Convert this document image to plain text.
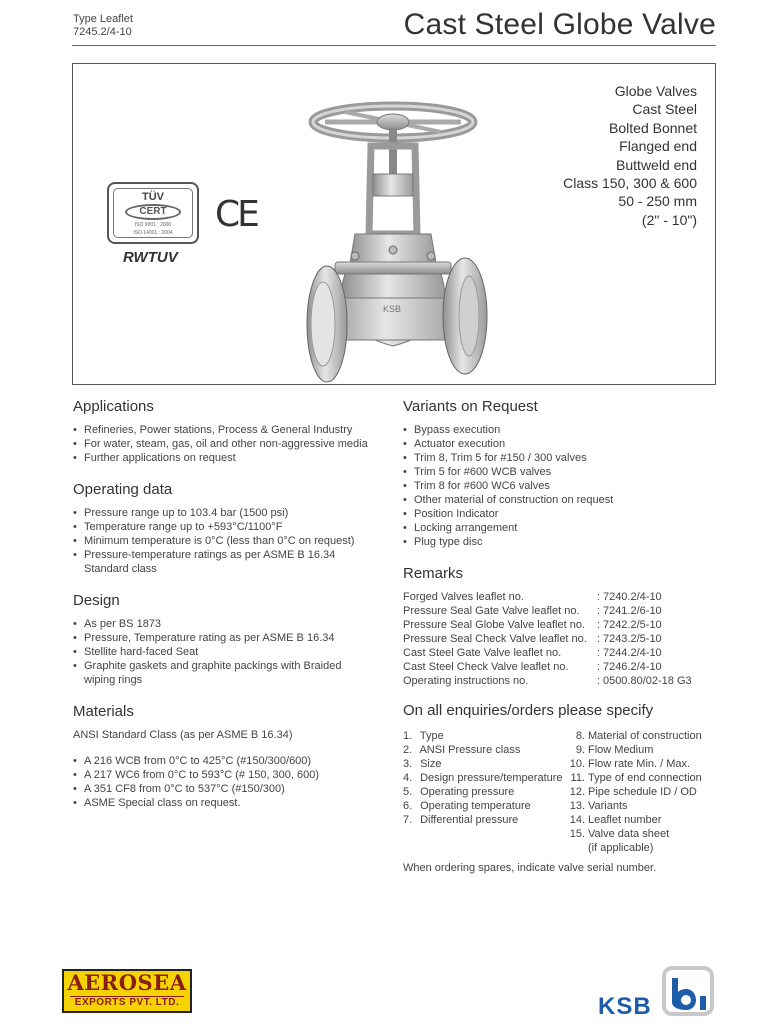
Type Leaflet
7245.2/4-10	Cast Steel Globe Valve
TÜV
CERT
ISO 9001 : 2000
ISO 14001 : 2004
RWTUV
CE
KSB
Globe Valves
Cast Steel
Bolted Bonnet
Flanged end
Buttweld end
Class 150, 300 & 600
50 - 250 mm
(2" - 10")
Applications
• Refineries, Power stations, Process & General Industry
• For water, steam, gas, oil and other non-aggressive media
• Further applications on request
Operating data
• Pressure range up to 103.4 bar (1500 psi)
• Temperature range up to +593°C/1100°F
• Minimum temperature is 0°C (less than 0°C on request)
• Pressure-temperature ratings as per ASME B 16.34 Standard class
Design
• As per BS 1873
• Pressure, Temperature rating as per ASME B 16.34
• Stellite hard-faced Seat
• Graphite gaskets and graphite packings with Braided wiping rings
Materials
ANSI Standard Class (as per ASME B 16.34)
• A 216 WCB from 0°C to 425°C (#150/300/600)
• A 217 WC6 from 0°C to 593°C (# 150, 300, 600)
• A 351 CF8 from 0°C to 537°C (#150/300)
• ASME Special class on request.
Variants on Request
• Bypass execution
• Actuator execution
• Trim 8, Trim 5 for #150 / 300 valves
• Trim 5 for #600 WCB valves
• Trim 8 for #600 WC6 valves
• Other material of construction on request
• Position Indicator
• Locking arrangement
• Plug type disc
Remarks
Forged Valves leaflet no.	: 7240.2/4-10
Pressure Seal Gate Valve leaflet no.	: 7241.2/6-10
Pressure Seal Globe Valve leaflet no.	: 7242.2/5-10
Pressure Seal Check Valve leaflet no.	: 7243.2/5-10
Cast Steel Gate Valve leaflet no.	: 7244.2/4-10
Cast Steel Check Valve leaflet no.	: 7246.2/4-10
Operating instructions no.	: 0500.80/02-18 G3
On all enquiries/orders please specify
1. Type
2. ANSI Pressure class
3. Size
4. Design pressure/temperature
5. Operating pressure
6. Operating temperature
7. Differential pressure
8. Material of construction
9. Flow Medium
10. Flow rate Min. / Max.
11. Type of end connection
12. Pipe schedule ID / OD
13. Variants
14. Leaflet number
15. Valve data sheet
(if applicable)
When ordering spares, indicate valve serial number.
AEROSEA
EXPORTS PVT. LTD.	KSB
